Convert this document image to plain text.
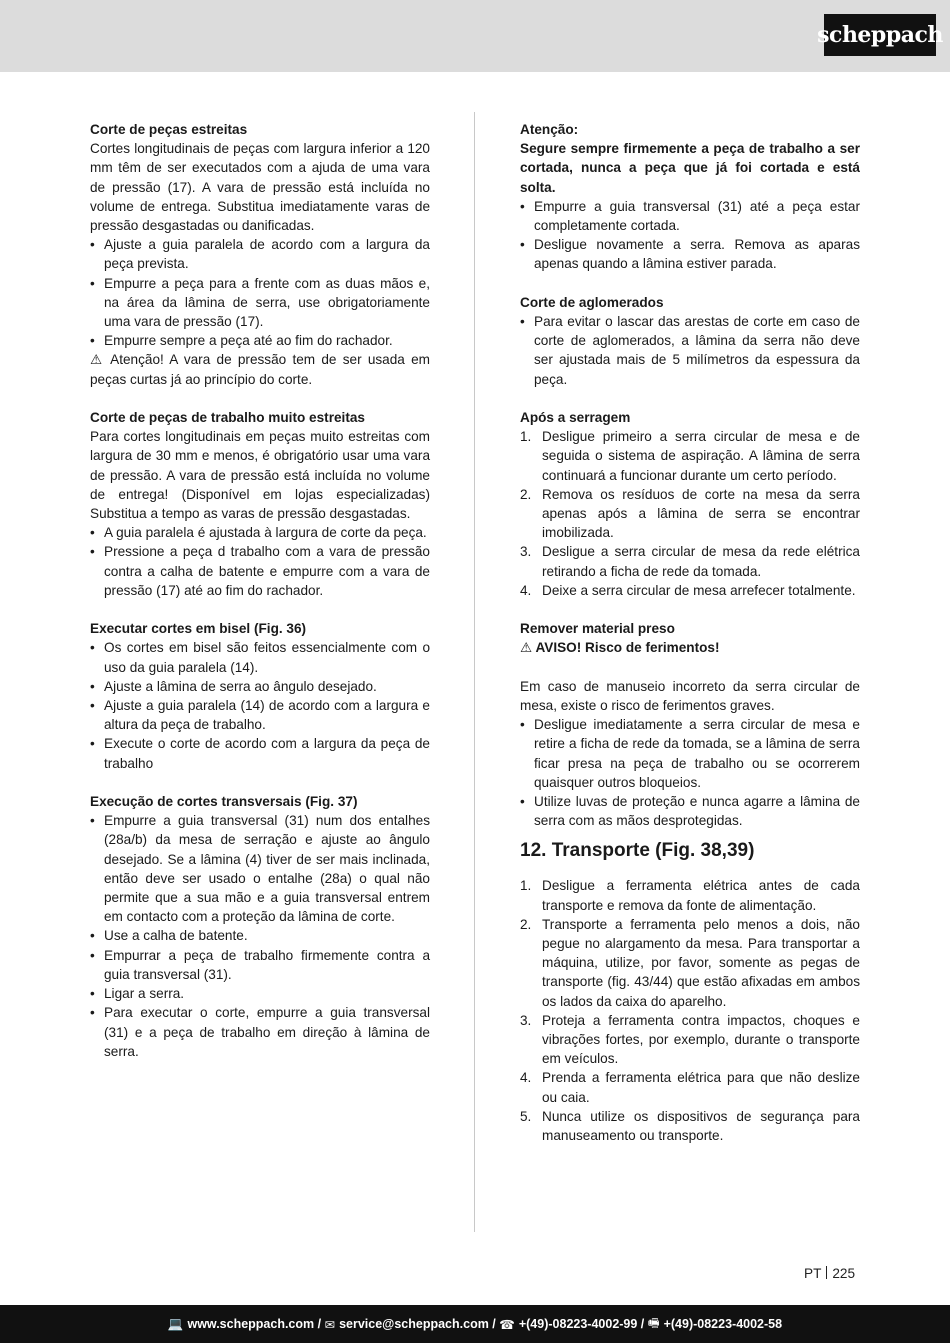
scheppach

Corte de peças estreitas

Cortes longitudinais de peças com largura inferior a 120 mm têm de ser executados com a ajuda de uma vara de pressão (17). A vara de pressão está incluída no volume de entrega. Substitua imediatamente varas de pressão desgastadas ou danificadas.

• Ajuste a guia paralela de acordo com a largura da peça prevista.
• Empurre a peça para a frente com as duas mãos e, na área da lâmina de serra, use obrigatoriamente uma vara de pressão (17).
• Empurre sempre a peça até ao fim do rachador.

⚠ Atenção! A vara de pressão tem de ser usada em peças curtas já ao princípio do corte.

Corte de peças de trabalho muito estreitas

Para cortes longitudinais em peças muito estreitas com largura de 30 mm e menos, é obrigatório usar uma vara de pressão. A vara de pressão está incluída no volume de entrega! (Disponível em lojas especializadas) Substitua a tempo as varas de pressão desgastadas.

• A guia paralela é ajustada à largura de corte da peça.
• Pressione a peça d trabalho com a vara de pressão contra a calha de batente e empurre com a vara de pressão (17) até ao fim do rachador.

Executar cortes em bisel (Fig. 36)

• Os cortes em bisel são feitos essencialmente com o uso da guia paralela (14).
• Ajuste a lâmina de serra ao ângulo desejado.
• Ajuste a guia paralela (14) de acordo com a largura e altura da peça de trabalho.
• Execute o corte de acordo com a largura da peça de trabalho

Execução de cortes transversais (Fig. 37)

• Empurre a guia transversal (31) num dos entalhes (28a/b) da mesa de serração e ajuste ao ângulo desejado. Se a lâmina (4) tiver de ser mais inclinada, então deve ser usado o entalhe (28a) o qual não permite que a sua mão e a guia transversal entrem em contacto com a proteção da lâmina de corte.
• Use a calha de batente.
• Empurrar a peça de trabalho firmemente contra a guia transversal (31).
• Ligar a serra.
• Para executar o corte, empurre a guia transversal (31) e a peça de trabalho em direção à lâmina de serra.

Atenção:

Segure sempre firmemente a peça de trabalho a ser cortada, nunca a peça que já foi cortada e está solta.

• Empurre a guia transversal (31) até a peça estar completamente cortada.
• Desligue novamente a serra. Remova as aparas apenas quando a lâmina estiver parada.

Corte de aglomerados

• Para evitar o lascar das arestas de corte em caso de corte de aglomerados, a lâmina da serra não deve ser ajustada mais de 5 milímetros da espessura da peça.

Após a serragem

1. Desligue primeiro a serra circular de mesa e de seguida o sistema de aspiração. A lâmina de serra continuará a funcionar durante um certo período.
2. Remova os resíduos de corte na mesa da serra apenas após a lâmina de serra se encontrar imobilizada.
3. Desligue a serra circular de mesa da rede elétrica retirando a ficha de rede da tomada.
4. Deixe a serra circular de mesa arrefecer totalmente.

Remover material preso

⚠ AVISO! Risco de ferimentos!

Em caso de manuseio incorreto da serra circular de mesa, existe o risco de ferimentos graves.

• Desligue imediatamente a serra circular de mesa e retire a ficha de rede da tomada, se a lâmina de serra ficar presa na peça de trabalho ou se ocorrerem quaisquer outros bloqueios.
• Utilize luvas de proteção e nunca agarre a lâmina de serra com as mãos desprotegidas.
12. Transporte (Fig. 38,39)
1. Desligue a ferramenta elétrica antes de cada transporte e remova da fonte de alimentação.
2. Transporte a ferramenta pelo menos a dois, não pegue no alargamento da mesa. Para transportar a máquina, utilize, por favor, somente as pegas de transporte (fig. 43/44) que estão afixadas em ambos os lados da caixa do aparelho.
3. Proteja a ferramenta contra impactos, choques e vibrações fortes, por exemplo, durante o transporte em veículos.
4. Prenda a ferramenta elétrica para que não deslize ou caia.
5. Nunca utilize os dispositivos de segurança para manuseamento ou transporte.
PT 225
💻 www.scheppach.com /
✉ service@scheppach.com /
☎ +(49)-08223-4002-99 /
🖷 +(49)-08223-4002-58
